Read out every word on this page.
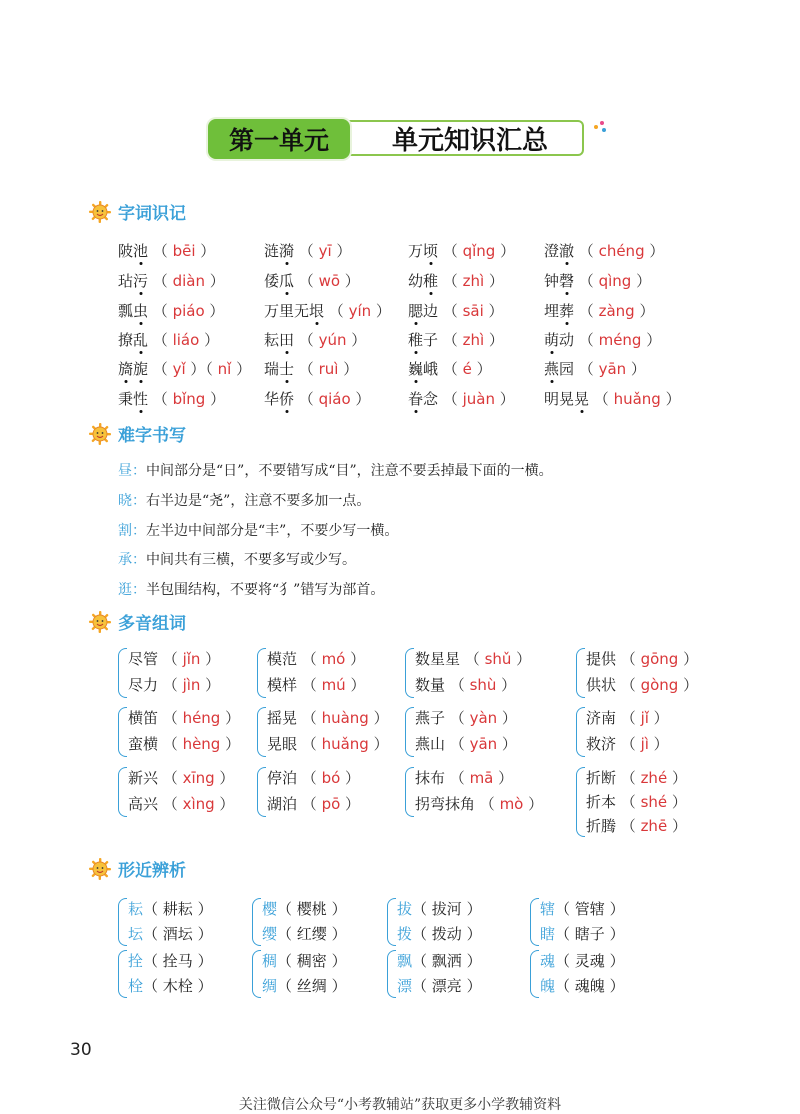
第一单元	单元知识汇总
字词识记
难字书写
多音组词
形近辨析
陂池 （ bēi ）	涟漪 （ yī ）	万顷 （ qǐng ） 澄澈 （ chéng ）
玷污 （ diàn ）	倭瓜 （ wō ）	幼稚 （ zhì ）	钟磬 （ qìng ）
瓢虫 （ piáo ）	万里无垠 （ yín ） 腮边 （ sāi ）	埋葬 （ zàng ）
撩乱 （ liáo ）	耘田 （ yún ）	稚子 （ zhì ）	萌动 （ méng ）
旖旎 （ yǐ ）（ nǐ ） 瑞士 （ ruì ）	巍峨 （ é ）	燕园 （ yān ）
秉性 （ bǐng ）	华侨 （ qiáo ）	眷念 （ juàn ） 明晃晃 （ huǎng ）
昼：中间部分是“日”，不要错写成“目”，注意不要丢掉最下面的一横。
晓：右半边是“尧”，注意不要多加一点。
割：左半边中间部分是“丰”，不要少写一横。
承：中间共有三横，不要多写或少写。
逛：半包围结构，不要将“犭”错写为部首。
尽管 （ jǐn ）
尽力 （ jìn ）
模范 （ mó ）
模样 （ mú ）
数星星 （ shǔ ）
数量 （ shù ）
提供 （ gōng ）
供状 （ gòng ）
横笛 （ héng ）
蛮横 （ hèng ）
摇晃 （ huàng ）
晃眼 （ huǎng ）
燕子 （ yàn ）
燕山 （ yān ）
济南 （ jǐ ）
救济 （ jì ）
新兴 （ xīng ）
高兴 （ xìng ）
停泊 （ bó ）
湖泊 （ pō ）
抹布 （ mā ）
拐弯抹角 （ mò ）
折断 （ zhé ）
折本 （ shé ）
折腾 （ zhē ）
耘（ 耕耘 ）
坛（ 酒坛 ）
樱（ 樱桃 ）
缨（ 红缨 ）
拔（ 拔河 ）
拨（ 拨动 ）
辖（ 管辖 ）
瞎（ 瞎子 ）
拴（ 拴马 ）
栓（ 木栓 ）
稠（ 稠密 ）
绸（ 丝绸 ）
飘（ 飘洒 ）
漂（ 漂亮 ）
魂（ 灵魂 ）
魄（ 魂魄 ）
30
关注微信公众号“小考教辅站”获取更多小学教辅资料
